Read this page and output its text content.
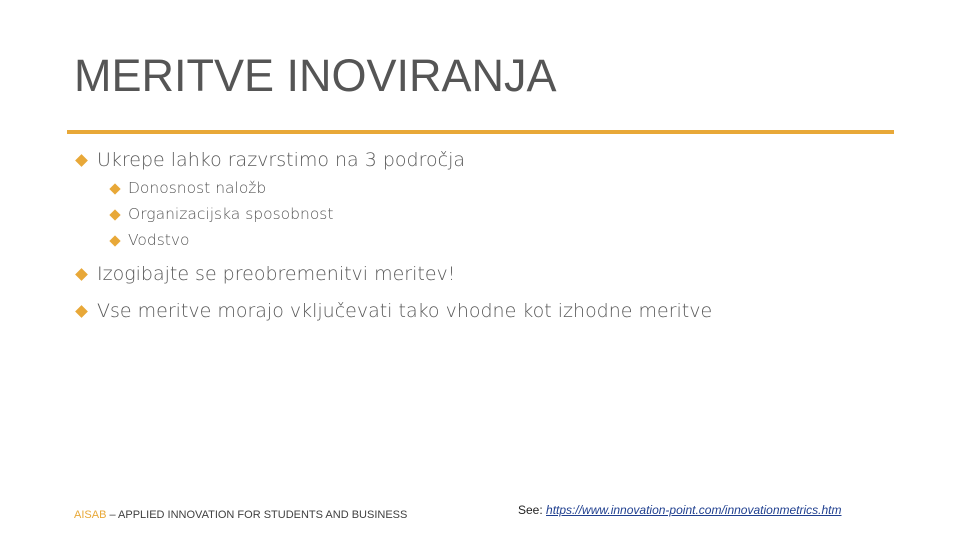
MERITVE INOVIRANJA
Ukrepe lahko razvrstimo na 3 področja
Donosnost naložb
Organizacijska sposobnost
Vodstvo
Izogibajte se preobremenitvi meritev!
Vse meritve morajo vključevati tako vhodne kot izhodne meritve
AISAB – APPLIED INNOVATION FOR STUDENTS AND BUSINESS	See: https://www.innovation-point.com/innovationmetrics.htm
